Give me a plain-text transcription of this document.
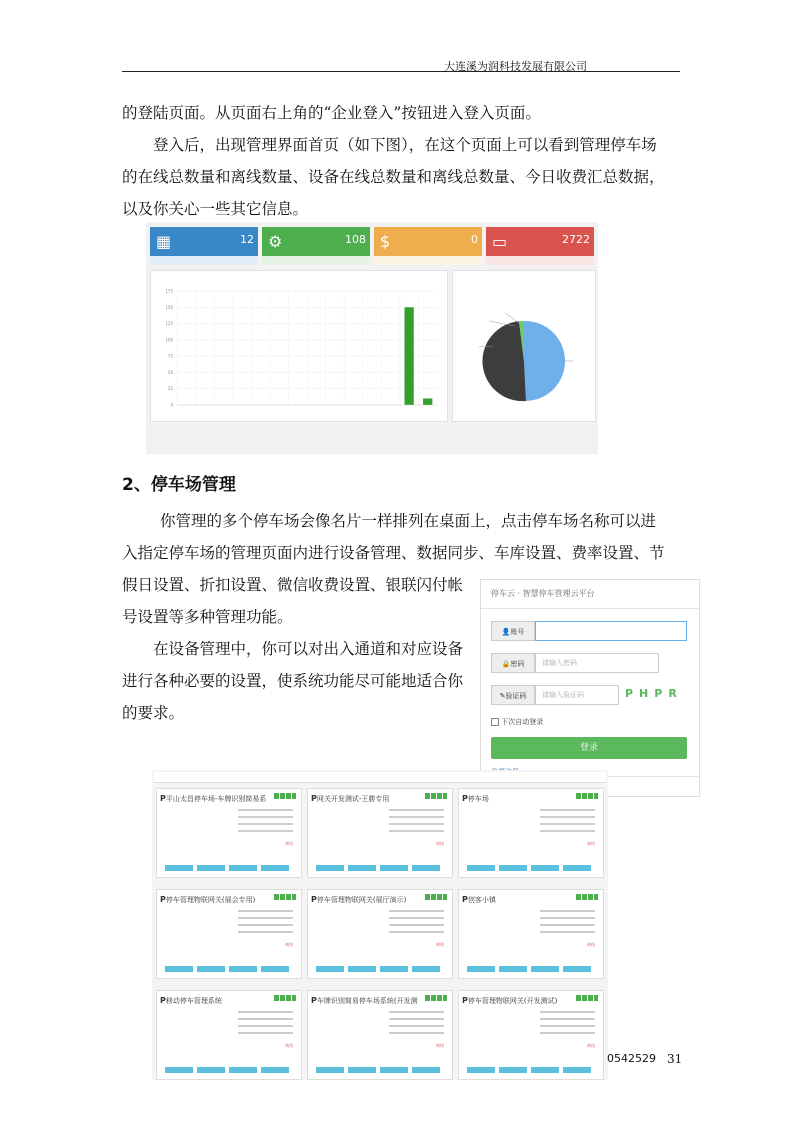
大连溪为润科技发展有限公司
的登陆页面。从页面右上角的“企业登入”按钮进入登入页面。
登入后，出现管理界面首页（如下图），在这个页面上可以看到管理停车场
的在线总数量和离线数量、设备在线总数量和离线总数量、今日收费汇总数据，
以及你关心一些其它信息。
▦	12 ⚙	108 $	0 ▭	2722
175
150
125
100
75
50
25
0
2、停车场管理
你管理的多个停车场会像名片一样排列在桌面上，点击停车场名称可以进
入指定停车场的管理页面内进行设备管理、数据同步、车库设置、费率设置、节
假日设置、折扣设置、微信收费设置、银联闪付帐
号设置等多种管理功能。
在设备管理中，你可以对出入通道和对应设备
进行各种必要的设置，使系统功能尽可能地适合你
的要求。
停车云 · 智慧停车管理云平台
👤账号
🔒密码	请输入密码
✎验证码	请输入验证码	PHPR
下次自动登录
登录
P平山太昌停车场-车牌识别简易系
离线
P网关开发测试-王勝专用
离线
P停车场
离线
P停车管理物联网关(展会专用)
离线
P停车管理物联网关(展厅演示)
离线
P创客小镇
离线
P移动停车管理系统
离线
P车牌识别简易停车场系统(开发测
离线
P停车管理物联网关(开发测试)
离线
0542529 31
